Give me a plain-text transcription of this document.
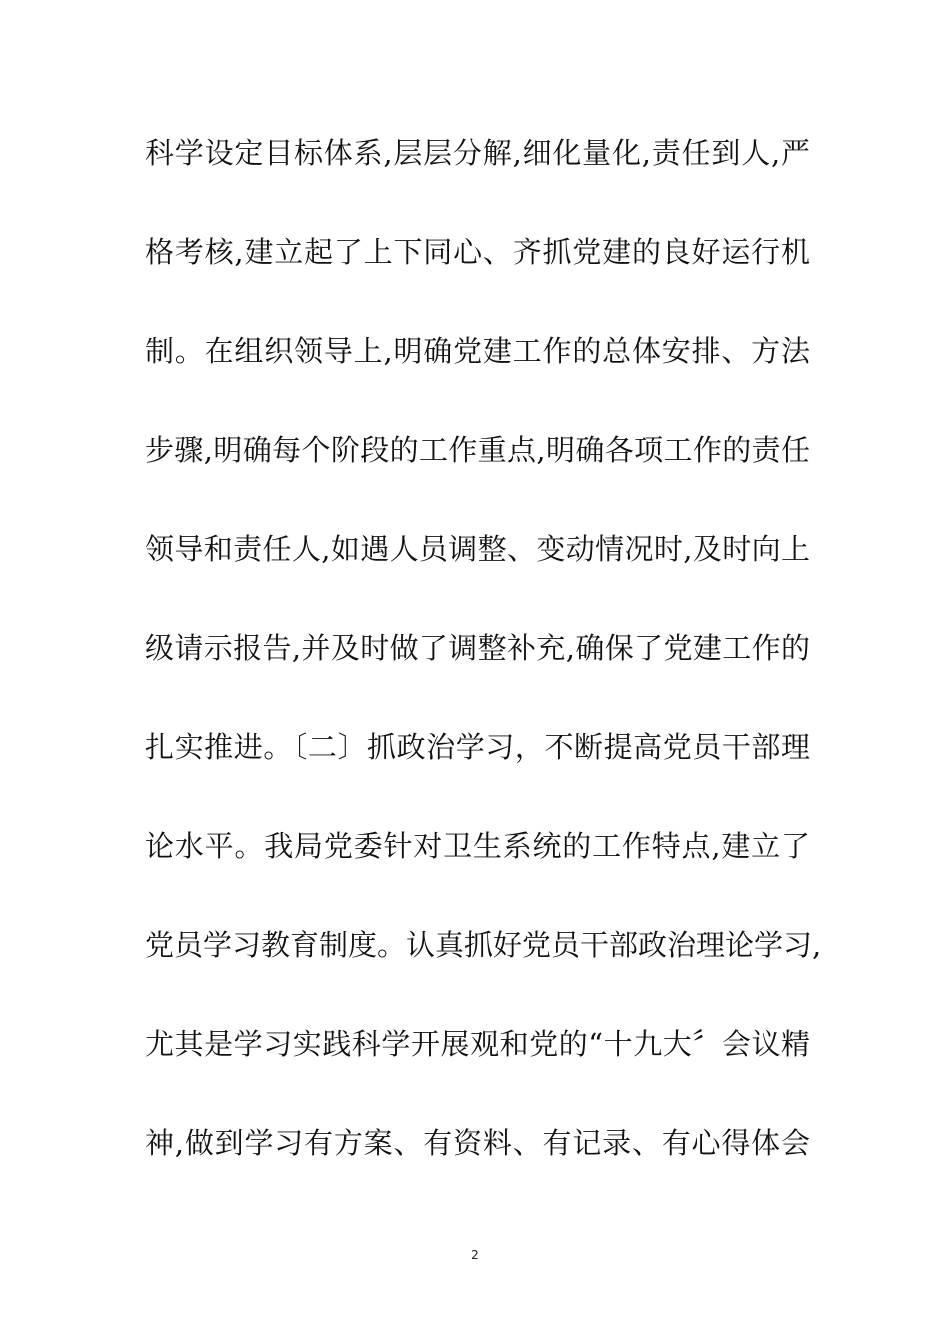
科学设定目标体系,层层分解,细化量化,责任到人,严
格考核,建立起了上下同心、齐抓党建的良好运行机
制。在组织领导上,明确党建工作的总体安排、方法
步骤,明确每个阶段的工作重点,明确各项工作的责任
领导和责任人,如遇人员调整、变动情况时,及时向上
级请示报告,并及时做了调整补充,确保了党建工作的
扎实推进。〔二〕抓政治学习，不断提高党员干部理
论水平。我局党委针对卫生系统的工作特点,建立了
党员学习教育制度。认真抓好党员干部政治理论学习,
尤其是学习实践科学开展观和党的“十九大〞会议精
神,做到学习有方案、有资料、有记录、有心得体会
2
